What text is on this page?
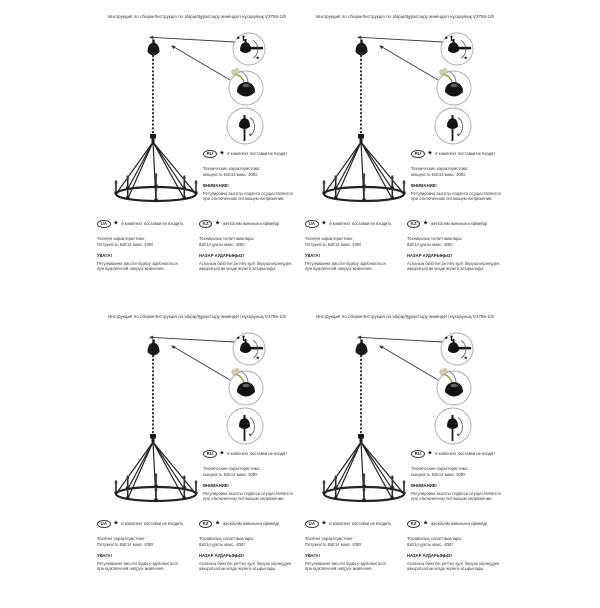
Инструкция по сборке/Інструкція по збірці/Құрастыру жөніндегі нұсқаулық V3756-1/8
★
★
RU ★ в комплект поставки не входит
Технические характеристики:
мощность 8хЕ14 макс. 40Вт.
ВНИМАНИЕ!
Регулировка высоты подвеса осуществляется
при отключенном питающем напряжении.
UA ★ в комплект поставки не входить
Технічні характеристики:
Потужність 8хЕ14 макс. 40Вт
УВАГА!
Регулювання висоти підвісу здійснюється
при відключеній напрузі живлення.
KZ ★ жеткізілім жинағына кірмейді
Техникалық сипаттамалары:
8хЕ14 қуаты макс. 40Вт.
НАЗАР АУДАРЫҢЫЗ!
Аспаның биіктігін реттеу қуат беруші кернеуден
ажыратылған кезде жүзеге асырылады.
Инструкция по сборке/Інструкція по збірці/Құрастыру жөніндегі нұсқаулық V3756-1/8
★
★
RU ★ в комплект поставки не входит
Технические характеристики:
мощность 8хЕ14 макс. 40Вт.
ВНИМАНИЕ!
Регулировка высоты подвеса осуществляется
при отключенном питающем напряжении.
UA ★ в комплект поставки не входить
Технічні характеристики:
Потужність 8хЕ14 макс. 40Вт
УВАГА!
Регулювання висоти підвісу здійснюється
при відключеній напрузі живлення.
KZ ★ жеткізілім жинағына кірмейді
Техникалық сипаттамалары:
8хЕ14 қуаты макс. 40Вт.
НАЗАР АУДАРЫҢЫЗ!
Аспаның биіктігін реттеу қуат беруші кернеуден
ажыратылған кезде жүзеге асырылады.
Инструкция по сборке/Інструкція по збірці/Құрастыру жөніндегі нұсқаулық V3756-1/8
★
★
RU ★ в комплект поставки не входит
Технические характеристики:
мощность 8хЕ14 макс. 40Вт.
ВНИМАНИЕ!
Регулировка высоты подвеса осуществляется
при отключенном питающем напряжении.
UA ★ в комплект поставки не входить
Технічні характеристики:
Потужність 8хЕ14 макс. 40Вт
УВАГА!
Регулювання висоти підвісу здійснюється
при відключеній напрузі живлення.
KZ ★ жеткізілім жинағына кірмейді
Техникалық сипаттамалары:
8хЕ14 қуаты макс. 40Вт.
НАЗАР АУДАРЫҢЫЗ!
Аспаның биіктігін реттеу қуат беруші кернеуден
ажыратылған кезде жүзеге асырылады.
Инструкция по сборке/Інструкція по збірці/Құрастыру жөніндегі нұсқаулық V3756-1/8
★
★
RU ★ в комплект поставки не входит
Технические характеристики:
мощность 8хЕ14 макс. 40Вт.
ВНИМАНИЕ!
Регулировка высоты подвеса осуществляется
при отключенном питающем напряжении.
UA ★ в комплект поставки не входить
Технічні характеристики:
Потужність 8хЕ14 макс. 40Вт
УВАГА!
Регулювання висоти підвісу здійснюється
при відключеній напрузі живлення.
KZ ★ жеткізілім жинағына кірмейді
Техникалық сипаттамалары:
8хЕ14 қуаты макс. 40Вт.
НАЗАР АУДАРЫҢЫЗ!
Аспаның биіктігін реттеу қуат беруші кернеуден
ажыратылған кезде жүзеге асырылады.
